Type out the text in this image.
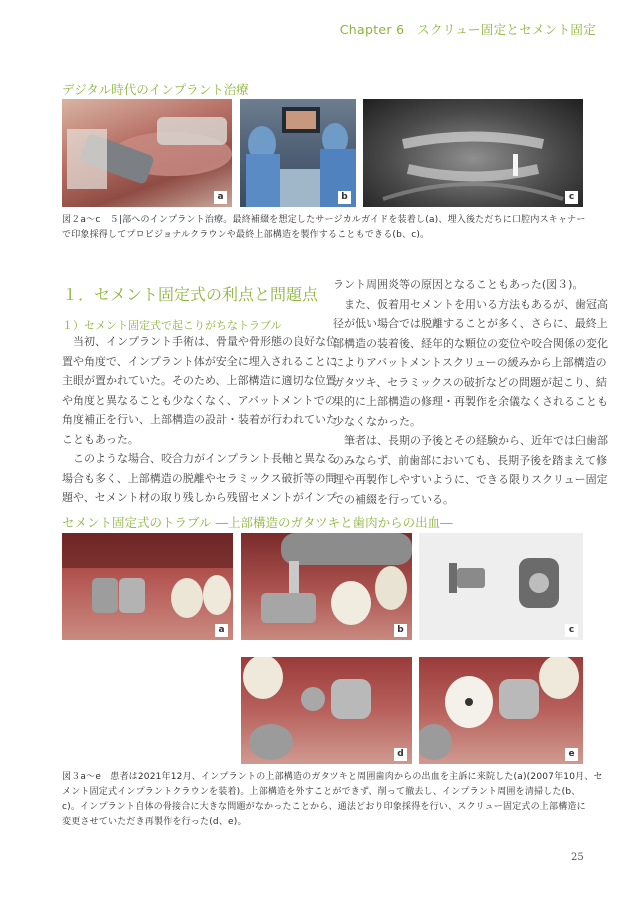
Chapter 6　スクリュー固定とセメント固定
デジタル時代のインプラント治療
a	b	c

図２a〜c　５|部へのインプラント治療。最終補綴を想定したサージカルガイドを装着し(a)、埋入後ただちに口腔内スキャナー

で印象採得してプロビジョナルクラウンや最終上部構造を製作することもできる(b、c)。

１．セメント固定式の利点と問題点
１）セメント固定式で起こりがちなトラブル

当初、インプラント手術は、骨量や骨形態の良好な位

置や角度で、インプラント体が安全に埋入されることに

主眼が置かれていた。そのため、上部構造に適切な位置

や角度と異なることも少なくなく、アバットメントでの

角度補正を行い、上部構造の設計・装着が行われていた

こともあった。

このような場合、咬合力がインプラント長軸と異なる

場合も多く、上部構造の脱離やセラミックス破折等の問

題や、セメント材の取り残しから残留セメントがインプ

ラント周囲炎等の原因となることもあった(図３)。

また、仮着用セメントを用いる方法もあるが、歯冠高

径が低い場合では脱離することが多く、さらに、最終上

部構造の装着後、経年的な顆位の変位や咬合関係の変化

によりアバットメントスクリューの緩みから上部構造の

ガタツキ、セラミックスの破折などの問題が起こり、結

果的に上部構造の修理・再製作を余儀なくされることも

少なくなかった。

筆者は、長期の予後とその経験から、近年では臼歯部

のみならず、前歯部においても、長期予後を踏まえて修

理や再製作しやすいように、できる限りスクリュー固定

での補綴を行っている。

セメント固定式のトラブル ―上部構造のガタツキと歯肉からの出血―
a	b	c
d	e

図３a〜e　患者は2021年12月、インプラントの上部構造のガタツキと周囲歯肉からの出血を主訴に来院した(a)(2007年10月、セ

メント固定式インプラントクラウンを装着)。上部構造を外すことができず、削って撤去し、インプラント周囲を清掃した(b、

c)。インプラント自体の骨接合に大きな問題がなかったことから、通法どおり印象採得を行い、スクリュー固定式の上部構造に

変更させていただき再製作を行った(d、e)。

25
